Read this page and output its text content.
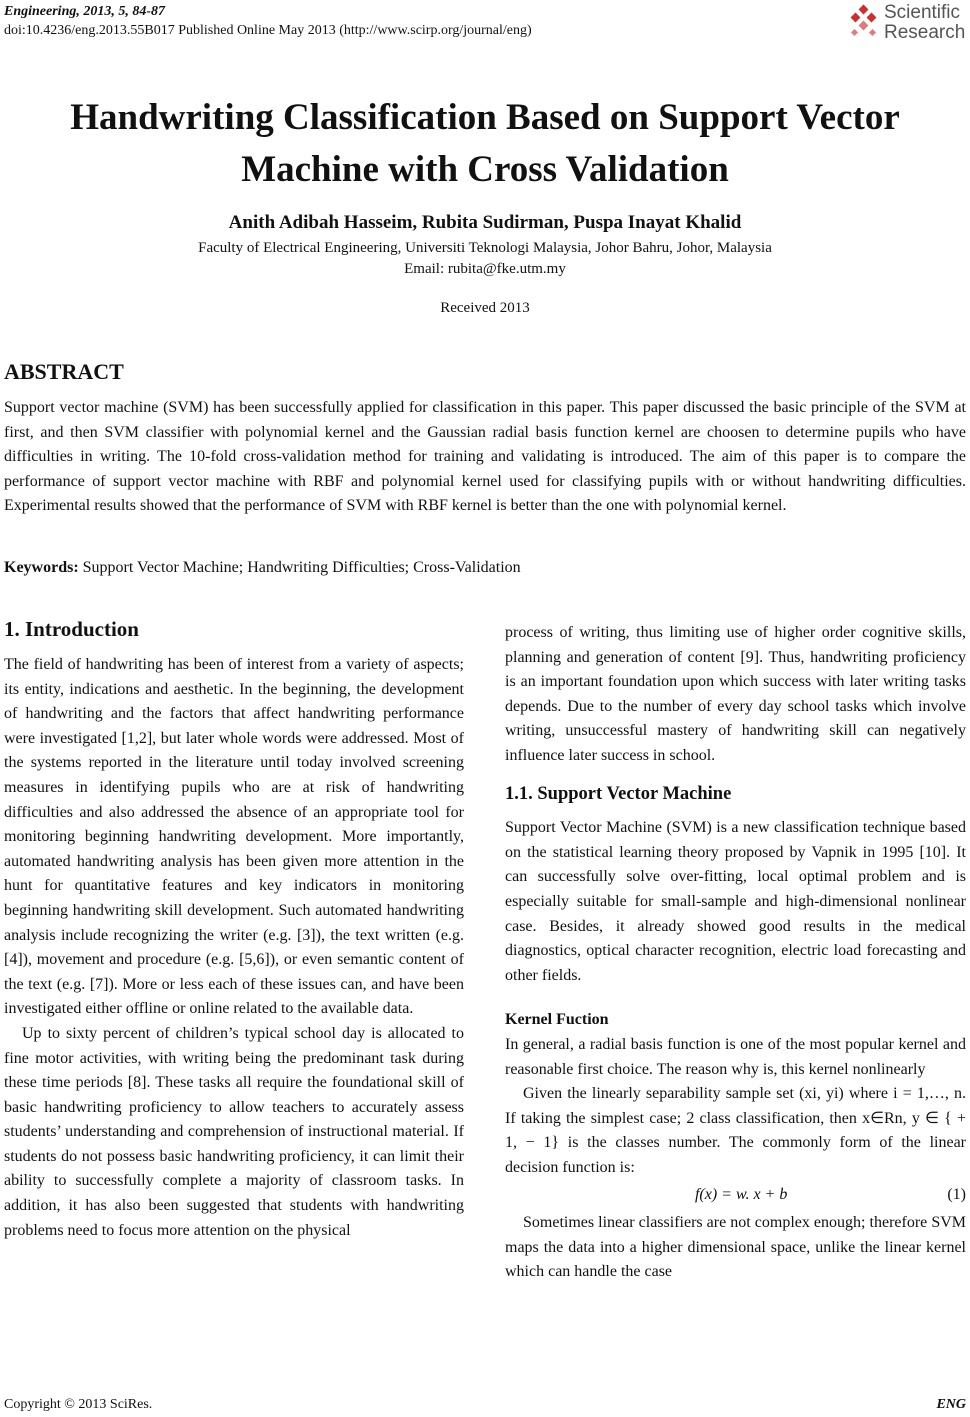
Engineering, 2013, 5, 84-87
doi:10.4236/eng.2013.55B017 Published Online May 2013 (http://www.scirp.org/journal/eng)
Scientific
Research
Handwriting Classification Based on Support Vector
Machine with Cross Validation
Anith Adibah Hasseim, Rubita Sudirman, Puspa Inayat Khalid
Faculty of Electrical Engineering, Universiti Teknologi Malaysia, Johor Bahru, Johor, Malaysia
Email: rubita@fke.utm.my
Received 2013
ABSTRACT
Support vector machine (SVM) has been successfully applied for classification in this paper. This paper discussed the basic principle of the SVM at first, and then SVM classifier with polynomial kernel and the Gaussian radial basis function kernel are choosen to determine pupils who have difficulties in writing. The 10-fold cross-validation method for training and validating is introduced. The aim of this paper is to compare the performance of support vector machine with RBF and polynomial kernel used for classifying pupils with or without handwriting difficulties. Experimental results showed that the performance of SVM with RBF kernel is better than the one with polynomial kernel.
Keywords: Support Vector Machine; Handwriting Difficulties; Cross-Validation
1. Introduction

The field of handwriting has been of interest from a variety of aspects; its entity, indications and aesthetic. In the beginning, the development of handwriting and the factors that affect handwriting performance were investigated [1,2], but later whole words were addressed. Most of the systems reported in the literature until today involved screening measures in identifying pupils who are at risk of handwriting difficulties and also addressed the absence of an appropriate tool for monitoring beginning handwriting development. More importantly, automated handwriting analysis has been given more attention in the hunt for quantitative features and key indicators in monitoring beginning handwriting skill development. Such automated handwriting analysis include recognizing the writer (e.g. [3]), the text written (e.g. [4]), movement and procedure (e.g. [5,6]), or even semantic content of the text (e.g. [7]). More or less each of these issues can, and have been investigated either offline or online related to the available data.

Up to sixty percent of children’s typical school day is allocated to fine motor activities, with writing being the predominant task during these time periods [8]. These tasks all require the foundational skill of basic handwriting proficiency to allow teachers to accurately assess students’ understanding and comprehension of instructional material. If students do not possess basic handwriting proficiency, it can limit their ability to successfully complete a majority of classroom tasks. In addition, it has also been suggested that students with handwriting problems need to focus more attention on the physical

process of writing, thus limiting use of higher order cognitive skills, planning and generation of content [9]. Thus, handwriting proficiency is an important foundation upon which success with later writing tasks depends. Due to the number of every day school tasks which involve writing, unsuccessful mastery of handwriting skill can negatively influence later success in school.

1.1. Support Vector Machine

Support Vector Machine (SVM) is a new classification technique based on the statistical learning theory proposed by Vapnik in 1995 [10]. It can successfully solve over-fitting, local optimal problem and is especially suitable for small-sample and high-dimensional nonlinear case. Besides, it already showed good results in the medical diagnostics, optical character recognition, electric load forecasting and other fields.

Kernel Fuction

In general, a radial basis function is one of the most popular kernel and reasonable first choice. The reason why is, this kernel nonlinearly

Given the linearly separability sample set (xi, yi) where i = 1,…, n. If taking the simplest case; 2 class classification, then x∈Rn, y ∈ { + 1, − 1} is the classes number. The commonly form of the linear decision function is:

f(x) = w. x + b	(1)

Sometimes linear classifiers are not complex enough; therefore SVM maps the data into a higher dimensional space, unlike the linear kernel which can handle the case

Copyright © 2013 SciRes.	ENG
